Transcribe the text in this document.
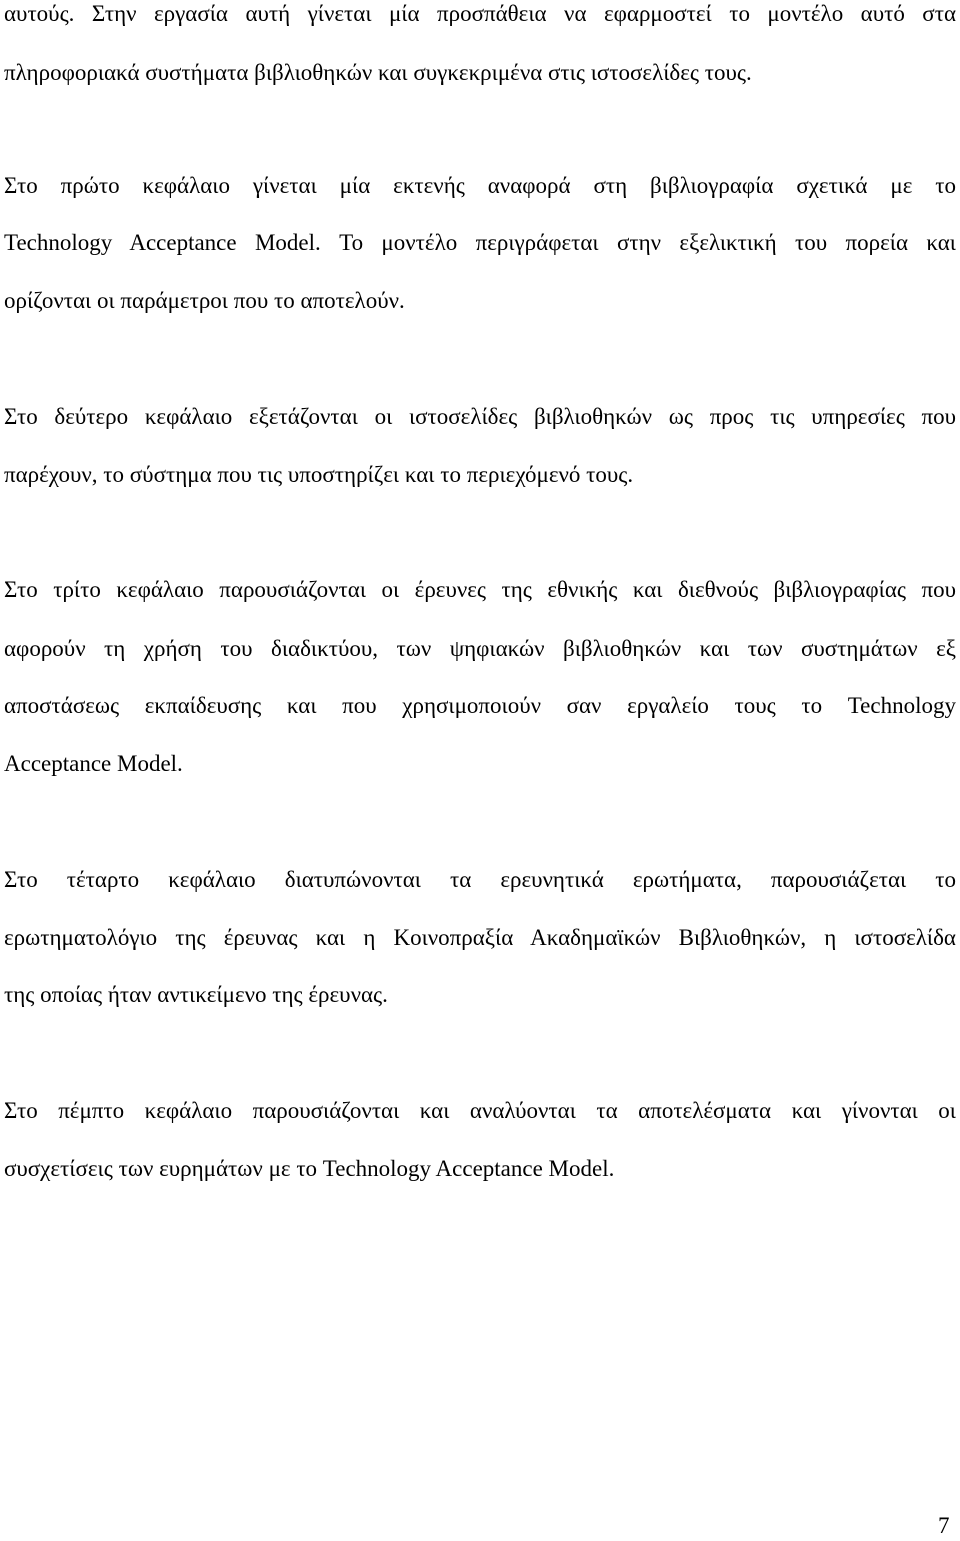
αυτούς. Στην εργασία αυτή γίνεται μία προσπάθεια να εφαρμοστεί το μοντέλο αυτό στα
πληροφοριακά συστήματα βιβλιοθηκών και συγκεκριμένα στις ιστοσελίδες τους.
Στο πρώτο κεφάλαιο γίνεται μία εκτενής αναφορά στη βιβλιογραφία σχετικά με το
Technology Acceptance Model. Το μοντέλο περιγράφεται στην εξελικτική του πορεία και
ορίζονται οι παράμετροι που το αποτελούν.
Στο δεύτερο κεφάλαιο εξετάζονται οι ιστοσελίδες βιβλιοθηκών ως προς τις υπηρεσίες που
παρέχουν, το σύστημα που τις υποστηρίζει και το περιεχόμενό τους.
Στο τρίτο κεφάλαιο παρουσιάζονται οι έρευνες της εθνικής και διεθνούς βιβλιογραφίας που
αφορούν τη χρήση του διαδικτύου, των ψηφιακών βιβλιοθηκών και των συστημάτων εξ
αποστάσεως εκπαίδευσης και που χρησιμοποιούν σαν εργαλείο τους το Technology
Acceptance Model.
Στο τέταρτο κεφάλαιο διατυπώνονται τα ερευνητικά ερωτήματα, παρουσιάζεται το
ερωτηματολόγιο της έρευνας και η Κοινοπραξία Ακαδημαϊκών Βιβλιοθηκών, η ιστοσελίδα
της οποίας ήταν αντικείμενο της έρευνας.
Στο πέμπτο κεφάλαιο παρουσιάζονται και αναλύονται τα αποτελέσματα και γίνονται οι
συσχετίσεις των ευρημάτων με το Technology Acceptance Model.
7
